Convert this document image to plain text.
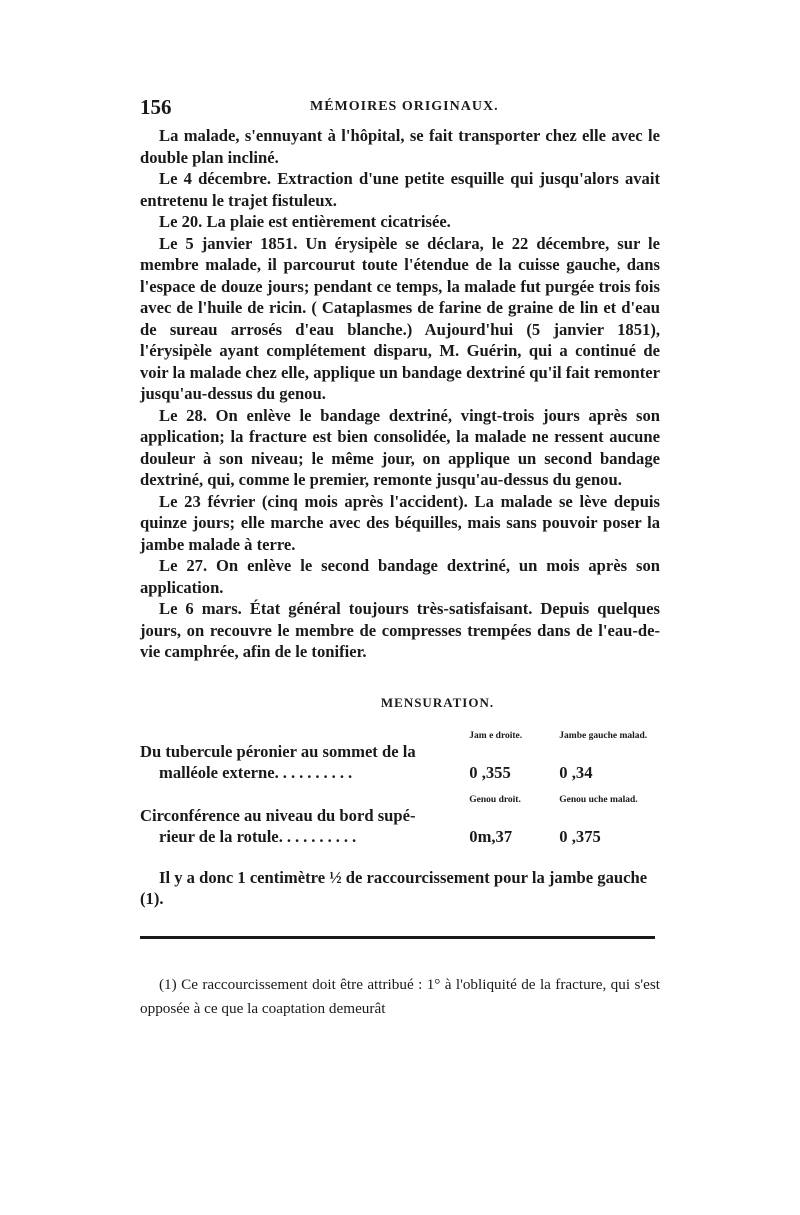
156	MÉMOIRES ORIGINAUX.

La malade, s'ennuyant à l'hôpital, se fait transporter chez elle avec le double plan incliné.

Le 4 décembre. Extraction d'une petite esquille qui jusqu'alors avait entretenu le trajet fistuleux.

Le 20. La plaie est entièrement cicatrisée.

Le 5 janvier 1851. Un érysipèle se déclara, le 22 décembre, sur le membre malade, il parcourut toute l'étendue de la cuisse gauche, dans l'espace de douze jours; pendant ce temps, la malade fut purgée trois fois avec de l'huile de ricin. ( Cataplasmes de farine de graine de lin et d'eau de sureau arrosés d'eau blanche.) Aujourd'hui (5 janvier 1851), l'érysipèle ayant complétement disparu, M. Guérin, qui a continué de voir la malade chez elle, applique un bandage dextriné qu'il fait remonter jusqu'au-dessus du genou.

Le 28. On enlève le bandage dextriné, vingt-trois jours après son application; la fracture est bien consolidée, la malade ne ressent aucune douleur à son niveau; le même jour, on applique un second bandage dextriné, qui, comme le premier, remonte jusqu'au-dessus du genou.

Le 23 février (cinq mois après l'accident). La malade se lève depuis quinze jours; elle marche avec des béquilles, mais sans pouvoir poser la jambe malade à terre.

Le 27. On enlève le second bandage dextriné, un mois après son application.

Le 6 mars. État général toujours très-satisfaisant. Depuis quelques jours, on recouvre le membre de compresses trempées dans de l'eau-de-vie camphrée, afin de le tonifier.

MENSURATION.
	Jam e droite.	Jambe gauche malad.

Du tubercule péronier au sommet de la
malléole externe..........	0 ,355	0 ,34

	Genou droit.	Genou uche malad.

Circonférence au niveau du bord supé-
rieur de la rotule..........	0m,37	0 ,375
Il y a donc 1 centimètre ½ de raccourcissement pour la jambe gauche (1).

(1) Ce raccourcissement doit être attribué : 1° à l'obliquité de la fracture, qui s'est opposée à ce que la coaptation demeurât
